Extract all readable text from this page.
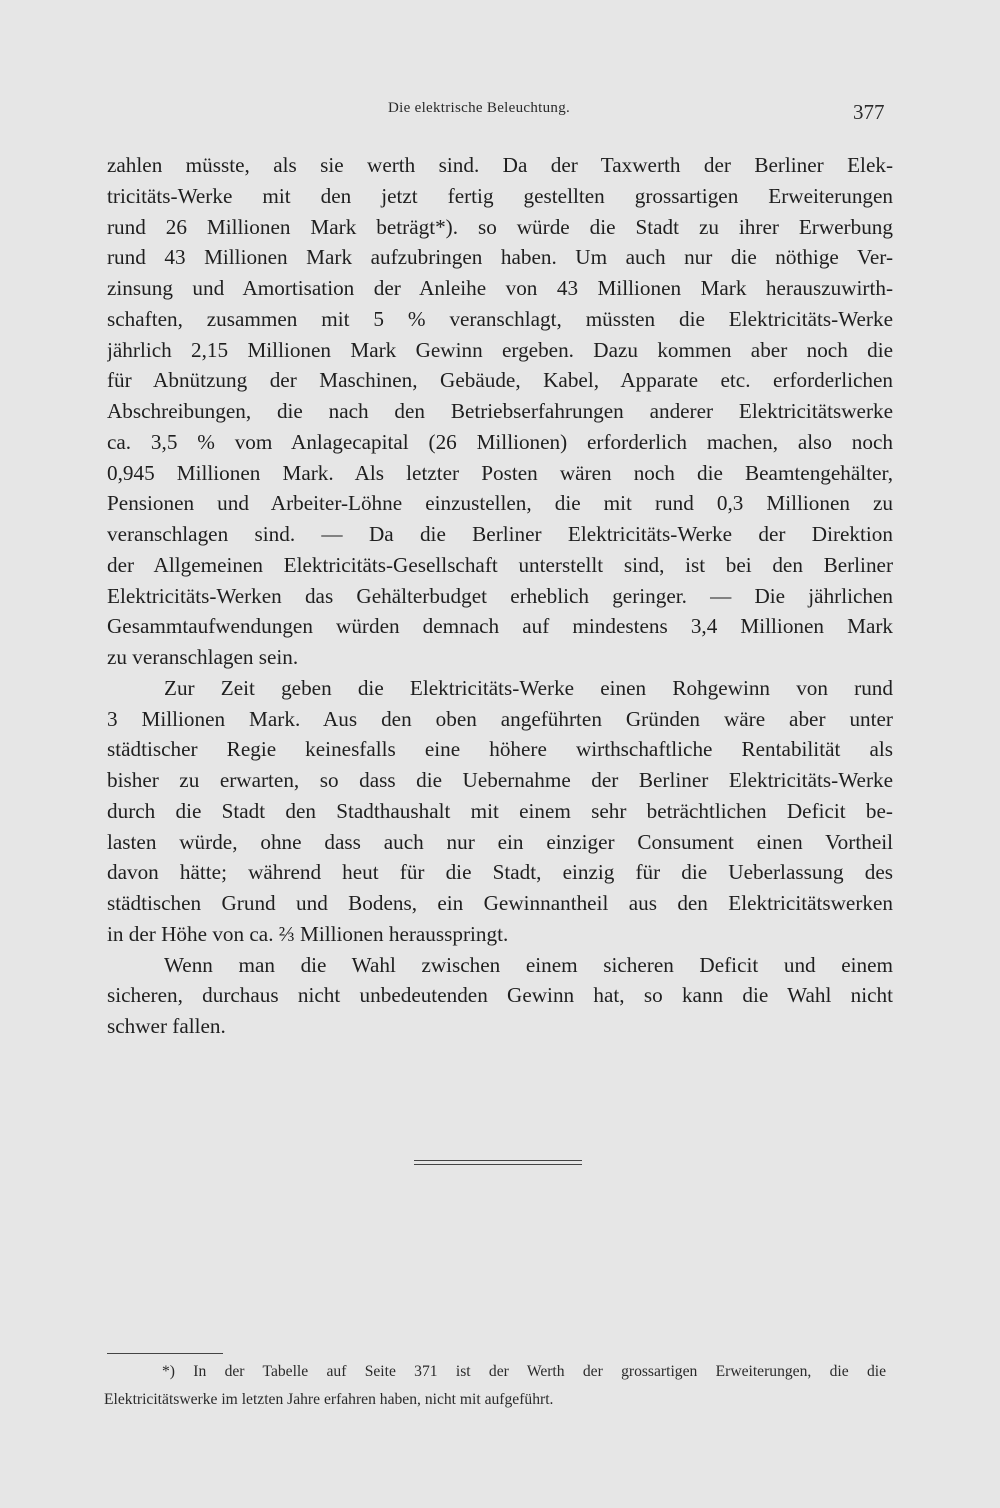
Die elektrische Beleuchtung.	377
zahlen müsste, als sie werth sind. Da der Taxwerth der Berliner Elek-
tricitäts-Werke mit den jetzt fertig gestellten grossartigen Erweiterungen
rund 26 Millionen Mark beträgt*). so würde die Stadt zu ihrer Erwerbung
rund 43 Millionen Mark aufzubringen haben. Um auch nur die nöthige Ver-
zinsung und Amortisation der Anleihe von 43 Millionen Mark herauszuwirth-
schaften, zusammen mit 5 % veranschlagt, müssten die Elektricitäts-Werke
jährlich 2,15 Millionen Mark Gewinn ergeben. Dazu kommen aber noch die
für Abnützung der Maschinen, Gebäude, Kabel, Apparate etc. erforderlichen
Abschreibungen, die nach den Betriebserfahrungen anderer Elektricitätswerke
ca. 3,5 % vom Anlagecapital (26 Millionen) erforderlich machen, also noch
0,945 Millionen Mark. Als letzter Posten wären noch die Beamtengehälter,
Pensionen und Arbeiter-Löhne einzustellen, die mit rund 0,3 Millionen zu
veranschlagen sind. — Da die Berliner Elektricitäts-Werke der Direktion
der Allgemeinen Elektricitäts-Gesellschaft unterstellt sind, ist bei den Berliner
Elektricitäts-Werken das Gehälterbudget erheblich geringer. — Die jährlichen
Gesammtaufwendungen würden demnach auf mindestens 3,4 Millionen Mark
zu veranschlagen sein.
Zur Zeit geben die Elektricitäts-Werke einen Rohgewinn von rund
3 Millionen Mark. Aus den oben angeführten Gründen wäre aber unter
städtischer Regie keinesfalls eine höhere wirthschaftliche Rentabilität als
bisher zu erwarten, so dass die Uebernahme der Berliner Elektricitäts-Werke
durch die Stadt den Stadthaushalt mit einem sehr beträchtlichen Deficit be-
lasten würde, ohne dass auch nur ein einziger Consument einen Vortheil
davon hätte; während heut für die Stadt, einzig für die Ueberlassung des
städtischen Grund und Bodens, ein Gewinnantheil aus den Elektricitätswerken
in der Höhe von ca. ⅔ Millionen herausspringt.
Wenn man die Wahl zwischen einem sicheren Deficit und einem
sicheren, durchaus nicht unbedeutenden Gewinn hat, so kann die Wahl nicht
schwer fallen.
*) In der Tabelle auf Seite 371 ist der Werth der grossartigen Erweiterungen, die die
Elektricitätswerke im letzten Jahre erfahren haben, nicht mit aufgeführt.
